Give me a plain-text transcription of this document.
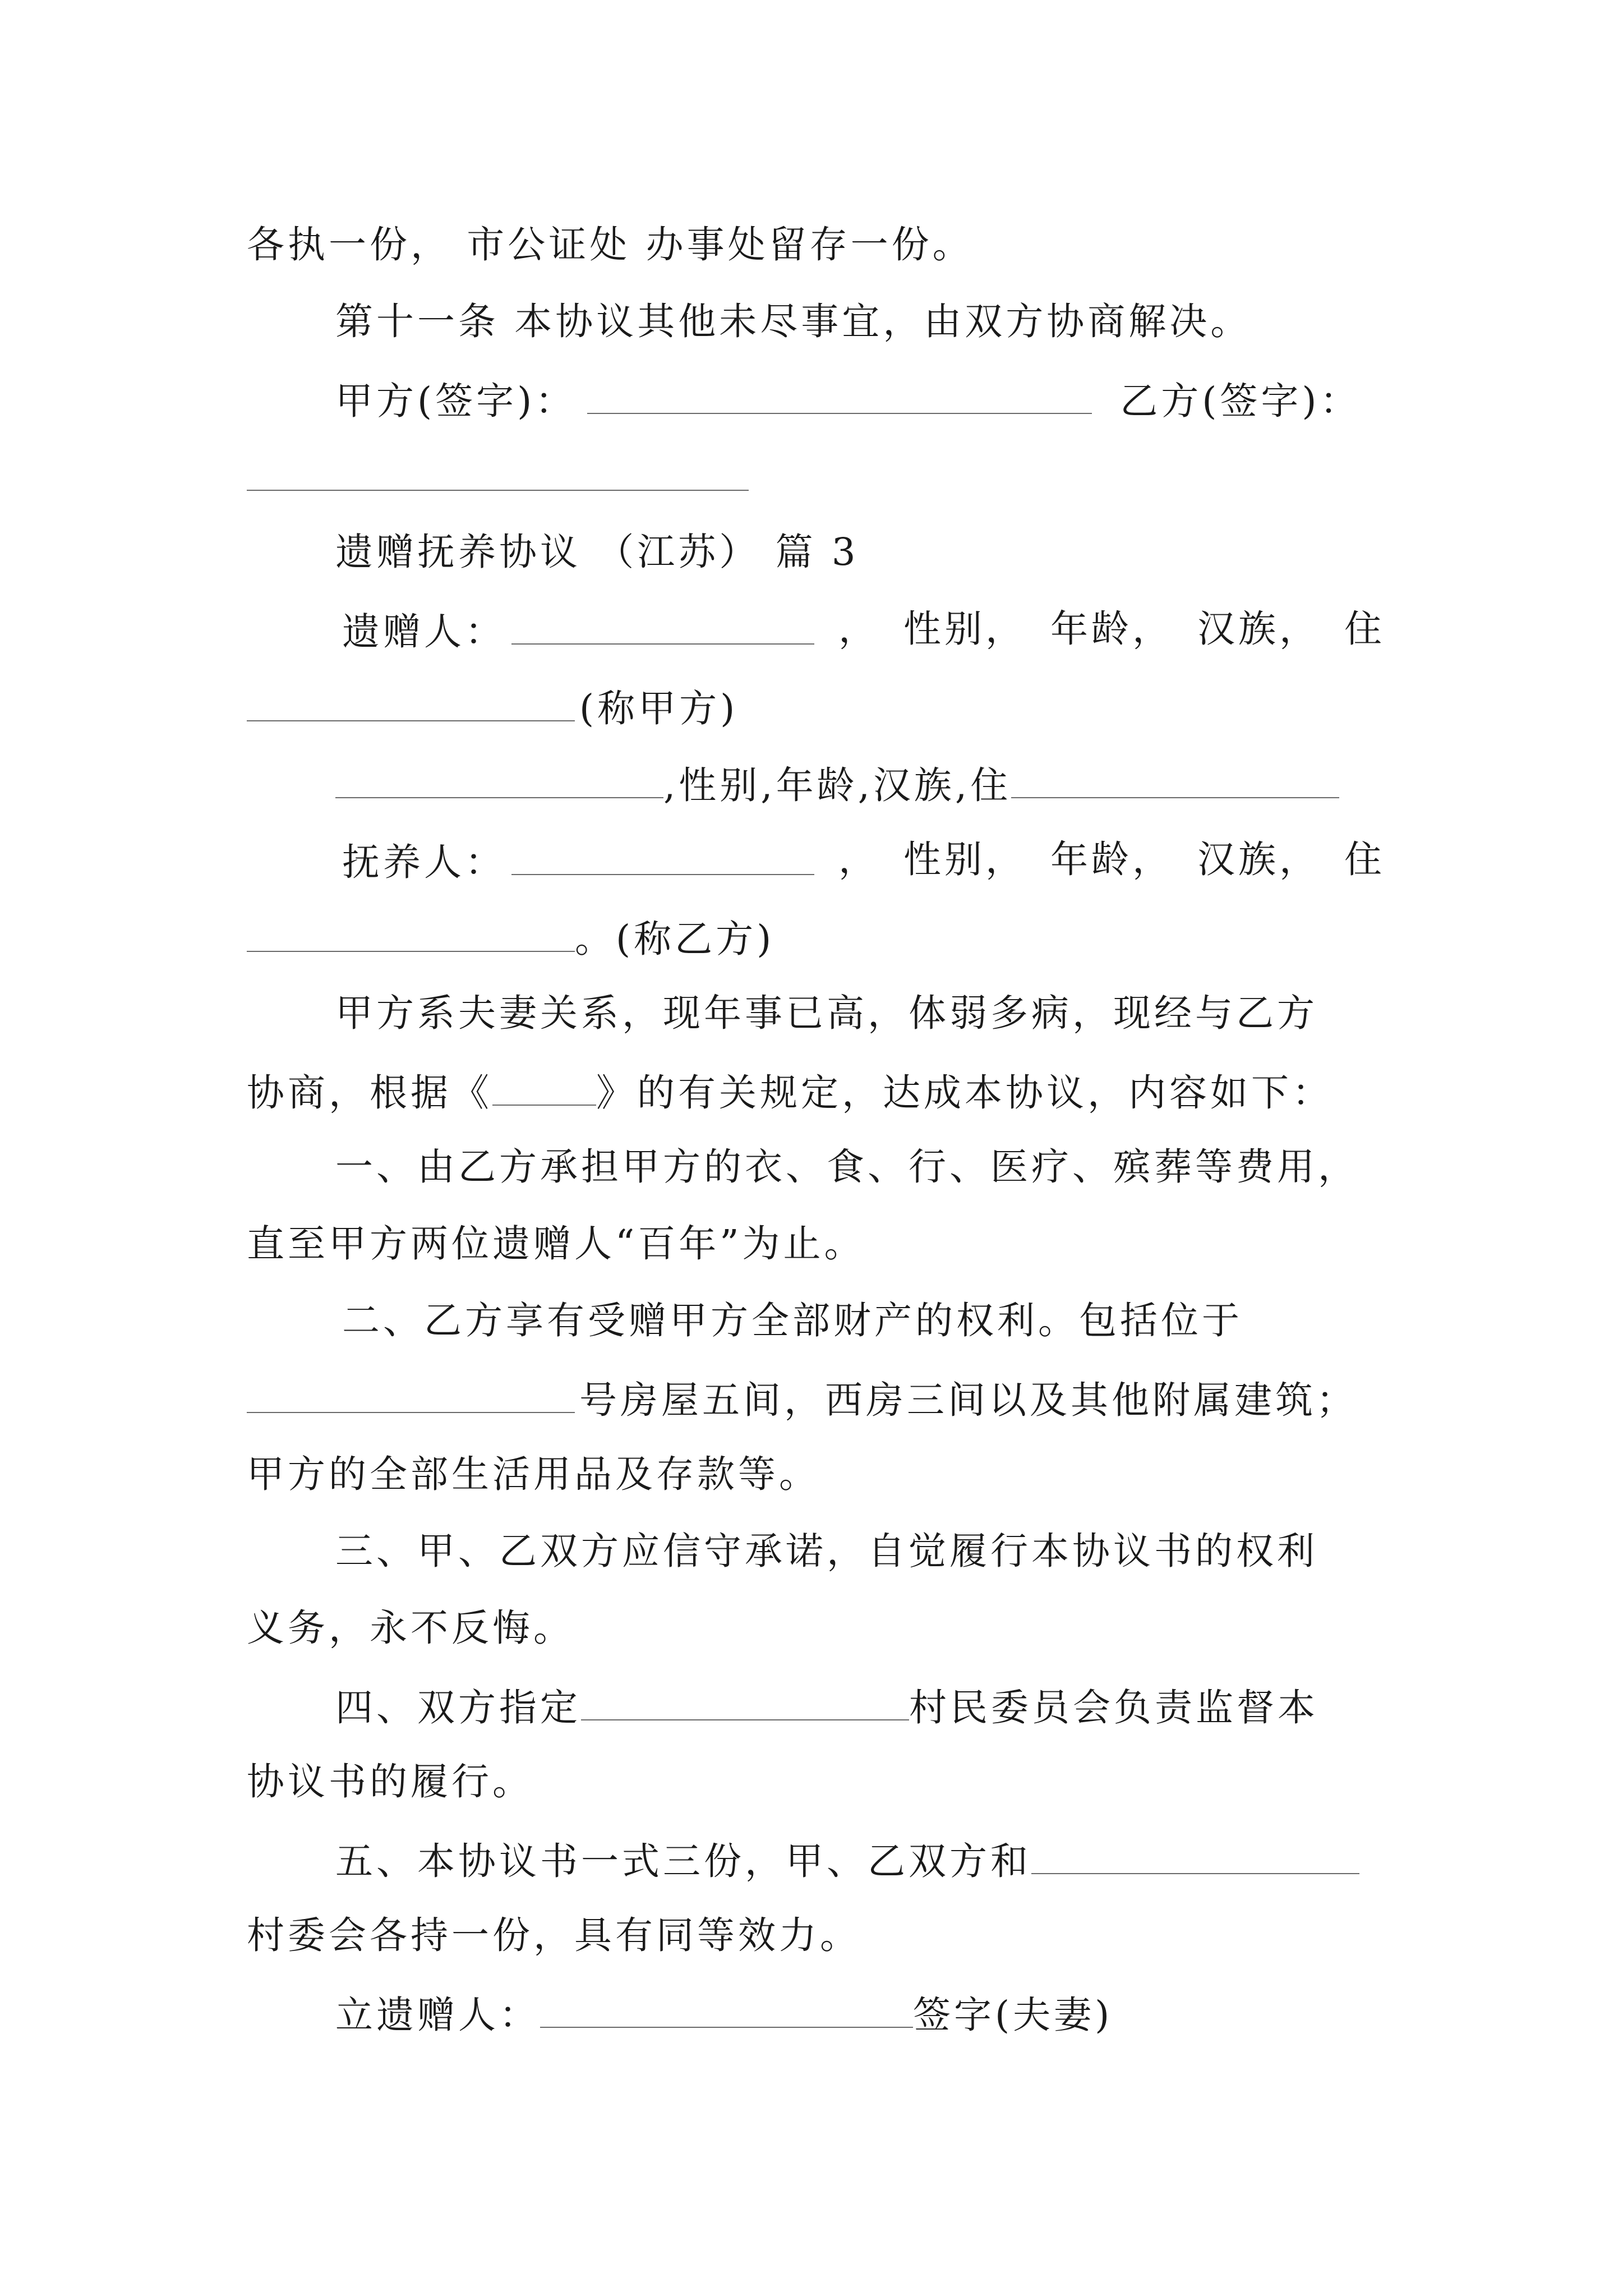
各执一份， 市公证处 办事处留存一份。
第十一条 本协议其他未尽事宜，由双方协商解决。
甲方(签字)：	乙方(签字)：
遗赠抚养协议 （江苏） 篇 3
遗赠人：	， 性别， 年龄， 汉族， 住
(称甲方)
,性别,年龄,汉族,住
抚养人：	， 性别， 年龄， 汉族， 住
。(称乙方)
甲方系夫妻关系，现年事已高，体弱多病，现经与乙方
协商，根据《	》的有关规定，达成本协议，内容如下：
一、由乙方承担甲方的衣、食、行、医疗、殡葬等费用，
直至甲方两位遗赠人“百年”为止。
二、乙方享有受赠甲方全部财产的权利。包括位于
号房屋五间，西房三间以及其他附属建筑；
甲方的全部生活用品及存款等。
三、甲、乙双方应信守承诺，自觉履行本协议书的权利
义务，永不反悔。
四、双方指定	村民委员会负责监督本
协议书的履行。
五、本协议书一式三份，甲、乙双方和
村委会各持一份，具有同等效力。
立遗赠人：	签字(夫妻)
